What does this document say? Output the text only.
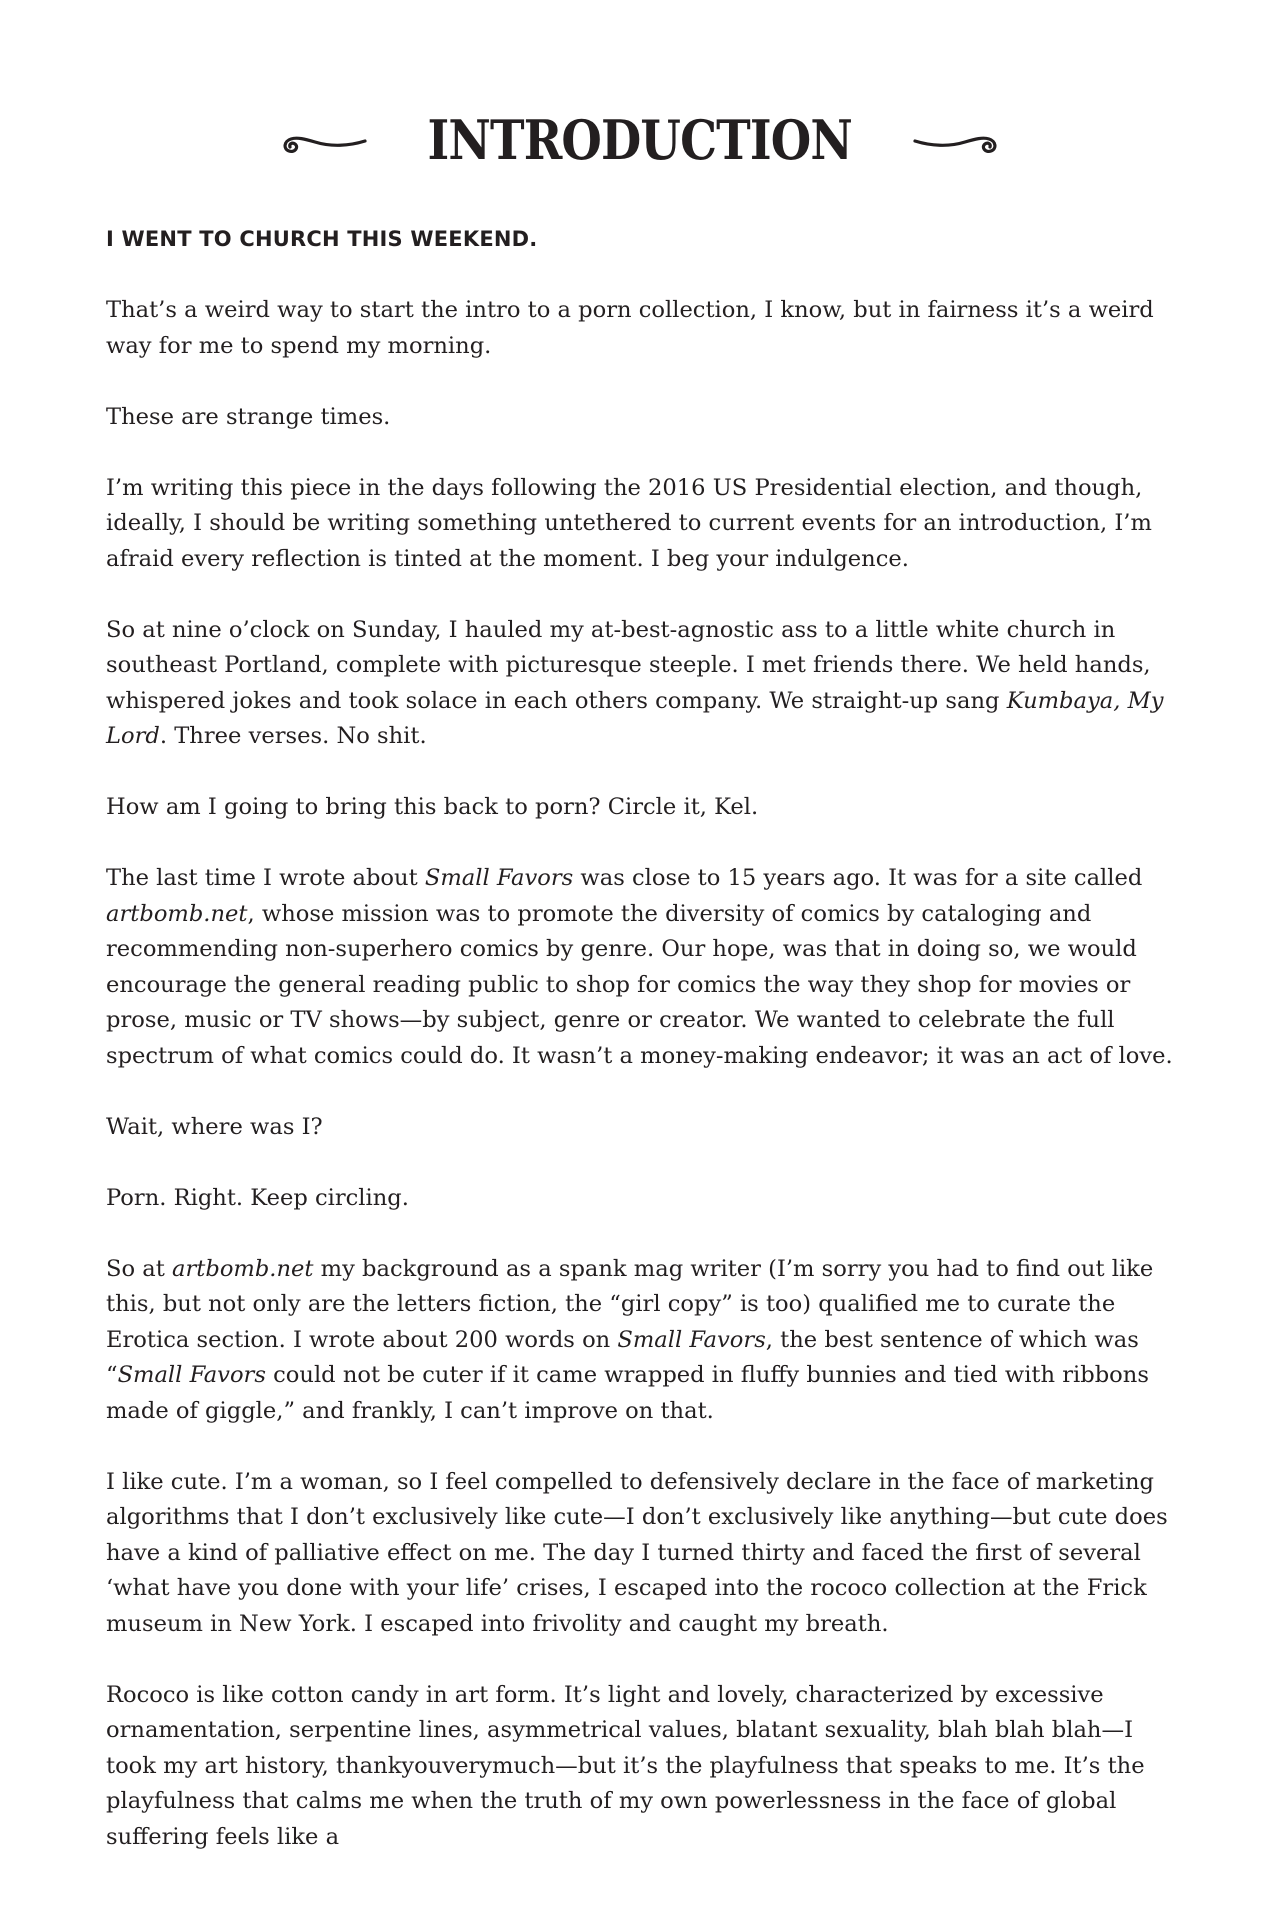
INTRODUCTION

I WENT TO CHURCH THIS WEEKEND.

That’s a weird way to start the intro to a porn collection, I know, but in fairness it’s a weird way for me to spend my morning.

These are strange times.

I’m writing this piece in the days following the 2016 US Presidential election, and though, ideally, I should be writing something untethered to current events for an introduction, I’m afraid every reflection is tinted at the moment. I beg your indulgence.

So at nine o’clock on Sunday, I hauled my at-best-agnostic ass to a little white church in southeast Portland, complete with picturesque steeple. I met friends there. We held hands, whispered jokes and took solace in each others company. We straight-up sang Kumbaya, My Lord. Three verses. No shit.

How am I going to bring this back to porn? Circle it, Kel.

The last time I wrote about Small Favors was close to 15 years ago. It was for a site called artbomb.net, whose mission was to promote the diversity of comics by cataloging and recommending non-superhero comics by genre. Our hope, was that in doing so, we would encourage the general reading public to shop for comics the way they shop for movies or prose, music or TV shows—by subject, genre or creator. We wanted to celebrate the full spectrum of what comics could do. It wasn’t a money-making endeavor; it was an act of love.

Wait, where was I?

Porn. Right. Keep circling.

So at artbomb.net my background as a spank mag writer (I’m sorry you had to find out like this, but not only are the letters fiction, the “girl copy” is too) qualified me to curate the Erotica section. I wrote about 200 words on Small Favors, the best sentence of which was “Small Favors could not be cuter if it came wrapped in fluffy bunnies and tied with ribbons made of giggle,” and frankly, I can’t improve on that.

I like cute. I’m a woman, so I feel compelled to defensively declare in the face of marketing algorithms that I don’t exclusively like cute—I don’t exclusively like anything—but cute does have a kind of palliative effect on me. The day I turned thirty and faced the first of several ‘what have you done with your life’ crises, I escaped into the rococo collection at the Frick museum in New York. I escaped into frivolity and caught my breath.

Rococo is like cotton candy in art form. It’s light and lovely, characterized by excessive ornamentation, serpentine lines, asymmetrical values, blatant sexuality, blah blah blah—I took my art history, thankyouverymuch—but it’s the playfulness that speaks to me. It’s the playfulness that calms me when the truth of my own powerlessness in the face of global suffering feels like a
